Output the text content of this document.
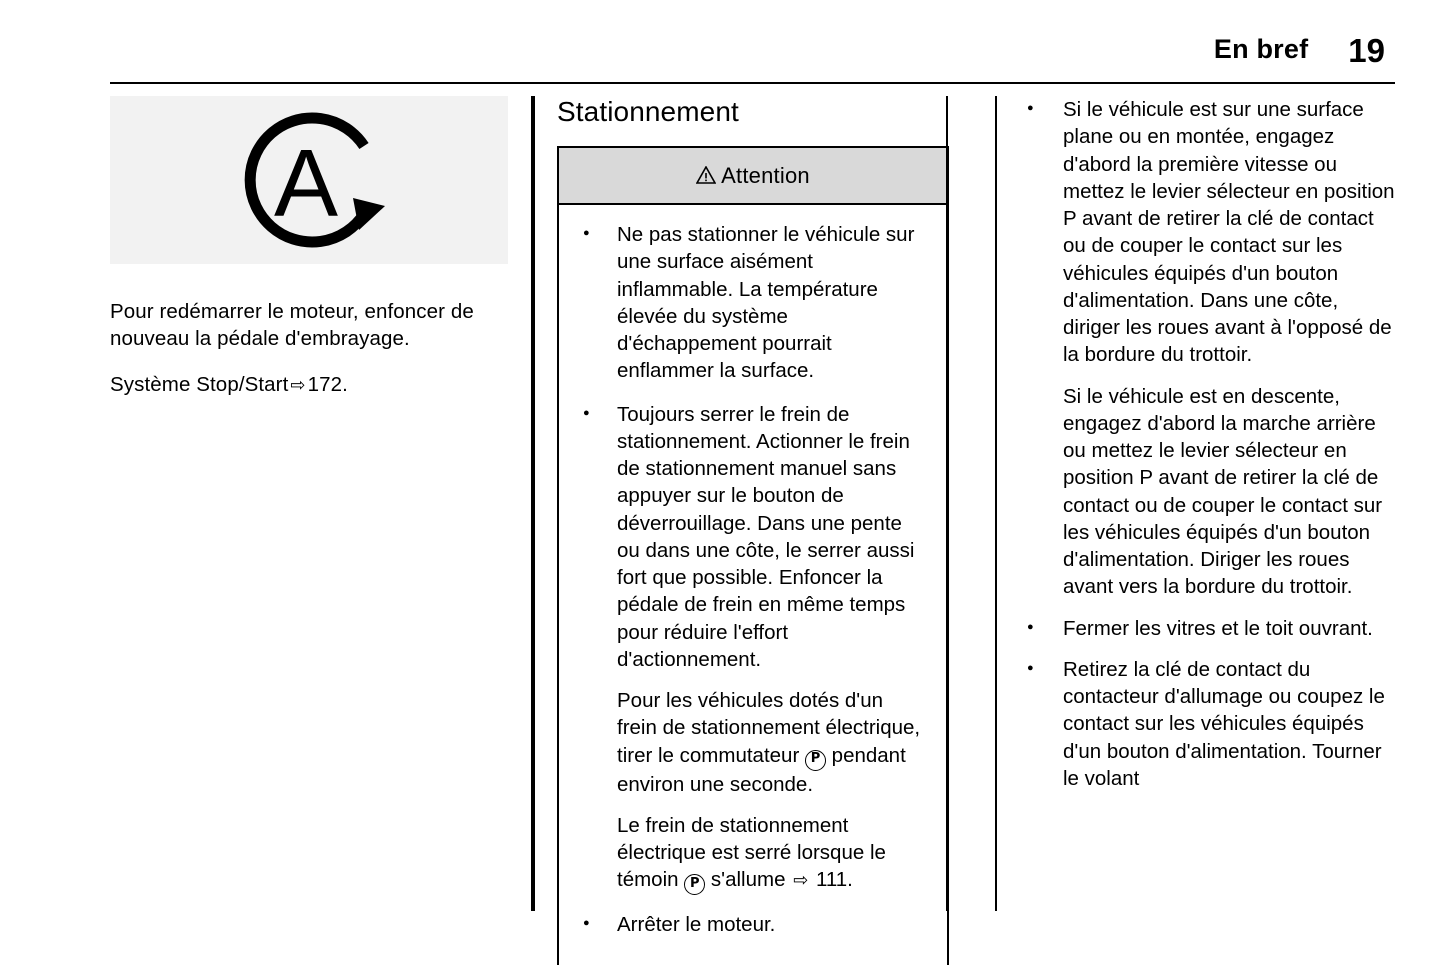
En bref 19
A

Pour redémarrer le moteur, enfoncer de nouveau la pédale d'embrayage.

Système Stop/Start ⇨172.

Stationnement
Attention

● Ne pas stationner le véhicule sur une surface aisément inflammable. La température élevée du système d'échappement pourrait enflammer la surface.

● Toujours serrer le frein de stationnement. Actionner le frein de stationnement manuel sans appuyer sur le bouton de déverrouillage. Dans une pente ou dans une côte, le serrer aussi fort que possible. Enfoncer la pédale de frein en même temps pour réduire l'effort d'actionnement.

Pour les véhicules dotés d'un frein de stationnement électrique, tirer le commutateur P pendant environ une seconde.

Le frein de stationnement électrique est serré lorsque le témoin P s'allume ⇨ 111.

● Arrêter le moteur.

● Si le véhicule est sur une surface plane ou en montée, engagez d'abord la première vitesse ou mettez le levier sélecteur en position P avant de retirer la clé de contact ou de couper le contact sur les véhicules équipés d'un bouton d'alimentation. Dans une côte, diriger les roues avant à l'opposé de la bordure du trottoir.

Si le véhicule est en descente, engagez d'abord la marche arrière ou mettez le levier sélecteur en position P avant de retirer la clé de contact ou de couper le contact sur les véhicules équipés d'un bouton d'alimentation. Diriger les roues avant vers la bordure du trottoir.

● Fermer les vitres et le toit ouvrant.

● Retirez la clé de contact du contacteur d'allumage ou coupez le contact sur les véhicules équipés d'un bouton d'alimentation. Tourner le volant
